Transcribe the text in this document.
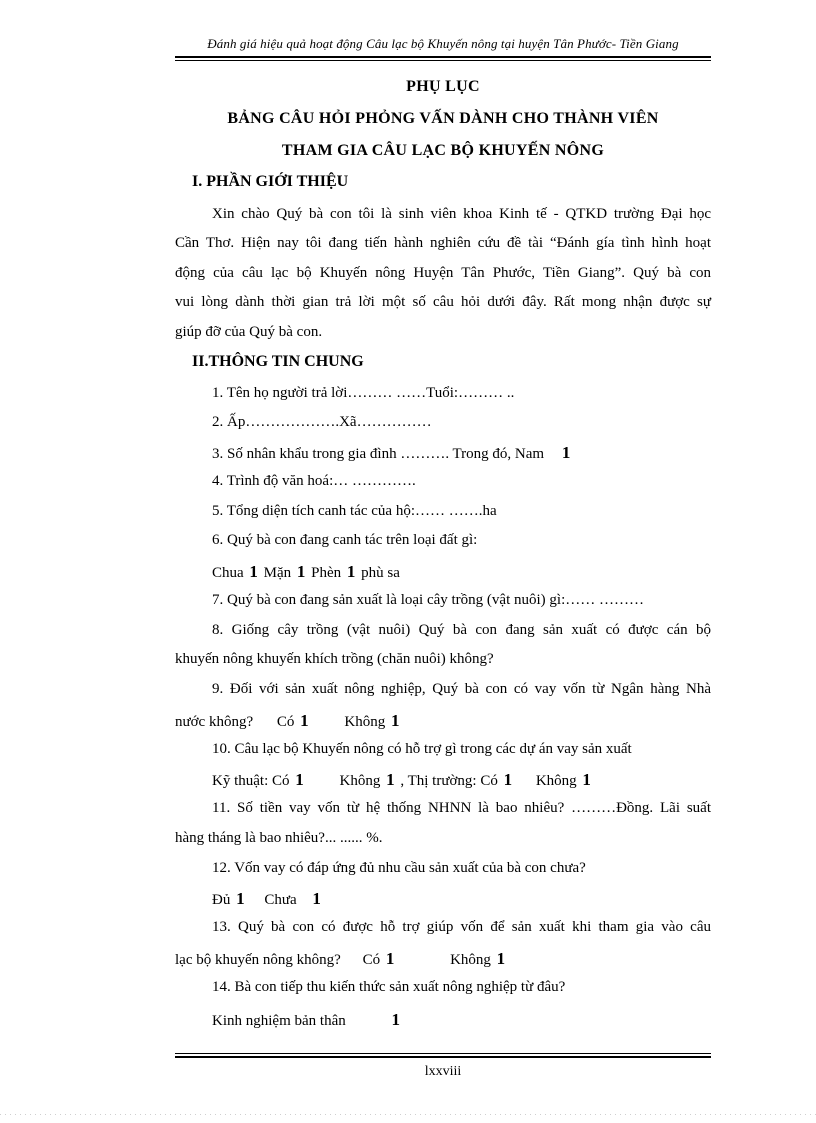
Đánh giá hiệu quả hoạt động Câu lạc bộ Khuyến nông tại huyện Tân Phước- Tiền Giang
PHỤ LỤC
BẢNG CÂU HỎI PHỎNG VẤN DÀNH CHO THÀNH VIÊN
THAM GIA CÂU LẠC BỘ KHUYẾN NÔNG
I. PHẦN GIỚI THIỆU
Xin chào Quý bà con tôi là sinh viên khoa Kinh tế - QTKD trường Đại học
Cần Thơ. Hiện nay tôi đang tiến hành nghiên cứu đề tài “Đánh gía tình hình hoạt
động của câu lạc bộ Khuyến nông Huyện Tân Phước, Tiền Giang”. Quý bà con
vui lòng dành thời gian trả lời một số câu hỏi dưới đây. Rất mong nhận được sự
giúp đỡ của Quý bà con.
II.THÔNG TIN CHUNG
1. Tên họ người trả lời……… ……Tuổi:……… ..
2. Ấp……………….Xã……………
3. Số nhân khẩu trong gia đình ………. Trong đó, Nam 1
4. Trình độ văn hoá:… ………….
5. Tổng diện tích canh tác của hộ:…… …….ha
6. Quý bà con đang canh tác trên loại đất gì:
Chua 1 Mặn 1 Phèn 1 phù sa
7. Quý bà con đang sản xuất là loại cây trồng (vật nuôi) gì:…… ………
8. Giống cây trồng (vật nuôi) Quý bà con đang sản xuất có được cán bộ
khuyến nông khuyến khích trồng (chăn nuôi) không?
9. Đối với sản xuất nông nghiệp, Quý bà con có vay vốn từ Ngân hàng Nhà
nước không? Có 1 Không 1
10. Câu lạc bộ Khuyến nông có hỗ trợ gì trong các dự án vay sản xuất
Kỹ thuật: Có 1 Không 1 , Thị trường: Có 1 Không 1
11. Số tiền vay vốn từ hệ thống NHNN là bao nhiêu? ………Đồng. Lãi suất
hàng tháng là bao nhiêu?... ...... %.
12. Vốn vay có đáp ứng đủ nhu cầu sản xuất của bà con chưa?
Đủ 1 Chưa 1
13. Quý bà con có được hỗ trợ giúp vốn để sản xuất khi tham gia vào câu
lạc bộ khuyến nông không? Có 1	Không 1
14. Bà con tiếp thu kiến thức sản xuất nông nghiệp từ đâu?
Kinh nghiệm bản thân	1
lxxviii
